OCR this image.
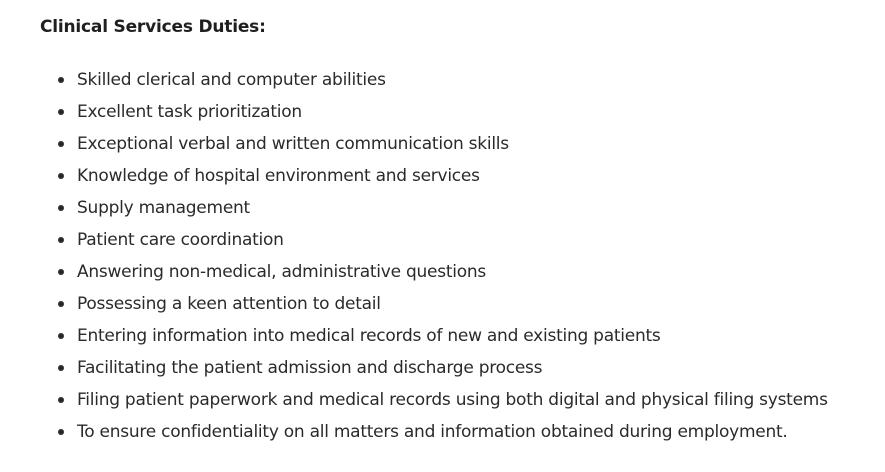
Clinical Services Duties:
Skilled clerical and computer abilities
Excellent task prioritization
Exceptional verbal and written communication skills
Knowledge of hospital environment and services
Supply management
Patient care coordination
Answering non-medical, administrative questions
Possessing a keen attention to detail
Entering information into medical records of new and existing patients
Facilitating the patient admission and discharge process
Filing patient paperwork and medical records using both digital and physical filing systems
To ensure confidentiality on all matters and information obtained during employment.
